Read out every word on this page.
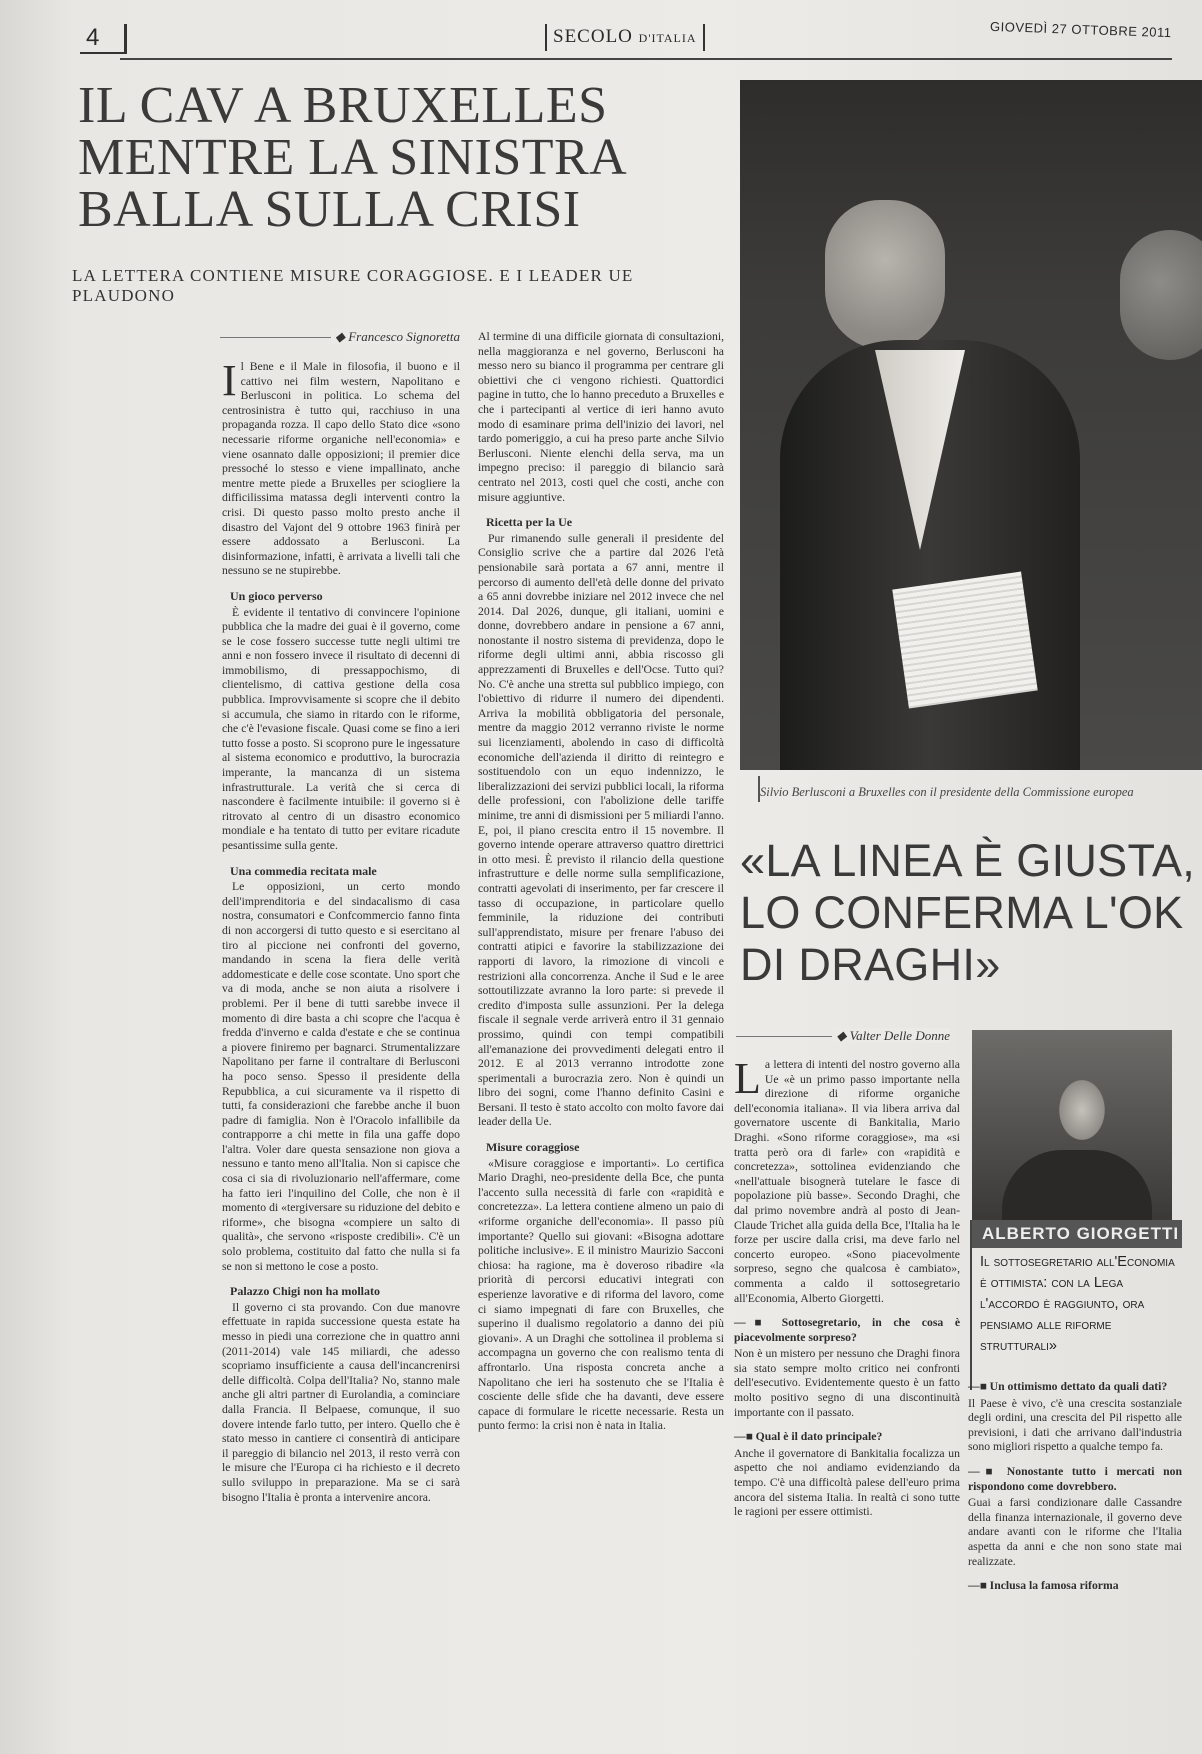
4	SECOLO D'ITALIA	GIOVEDÌ 27 OTTOBRE 2011
IL CAV A BRUXELLES MENTRE LA SINISTRA BALLA SULLA CRISI
LA LETTERA CONTIENE MISURE CORAGGIOSE. E I LEADER UE PLAUDONO
◆ Francesco Signoretta
I l Bene e il Male in filosofia, il buono e il cattivo nei film western, Napolitano e Berlusconi in politica. Lo schema del centrosinistra è tutto qui, racchiuso in una propaganda rozza. Il capo dello Stato dice «sono necessarie riforme organiche nell'economia» e viene osannato dalle opposizioni; il premier dice pressoché lo stesso e viene impallinato, anche mentre mette piede a Bruxelles per sciogliere la difficilissima matassa degli interventi contro la crisi. Di questo passo molto presto anche il disastro del Vajont del 9 ottobre 1963 finirà per essere addossato a Berlusconi. La disinformazione, infatti, è arrivata a livelli tali che nessuno se ne stupirebbe.

Un gioco perverso

È evidente il tentativo di convincere l'opinione pubblica che la madre dei guai è il governo, come se le cose fossero successe tutte negli ultimi tre anni e non fossero invece il risultato di decenni di immobilismo, di pressappochismo, di clientelismo, di cattiva gestione della cosa pubblica. Improvvisamente si scopre che il debito si accumula, che siamo in ritardo con le riforme, che c'è l'evasione fiscale. Quasi come se fino a ieri tutto fosse a posto. Si scoprono pure le ingessature al sistema economico e produttivo, la burocrazia imperante, la mancanza di un sistema infrastrutturale. La verità che si cerca di nascondere è facilmente intuibile: il governo si è ritrovato al centro di un disastro economico mondiale e ha tentato di tutto per evitare ricadute pesantissime sulla gente.

Una commedia recitata male

Le opposizioni, un certo mondo dell'imprenditoria e del sindacalismo di casa nostra, consumatori e Confcommercio fanno finta di non accorgersi di tutto questo e si esercitano al tiro al piccione nei confronti del governo, mandando in scena la fiera delle verità addomesticate e delle cose scontate. Uno sport che va di moda, anche se non aiuta a risolvere i problemi. Per il bene di tutti sarebbe invece il momento di dire basta a chi scopre che l'acqua è fredda d'inverno e calda d'estate e che se continua a piovere finiremo per bagnarci. Strumentalizzare Napolitano per farne il contraltare di Berlusconi ha poco senso. Spesso il presidente della Repubblica, a cui sicuramente va il rispetto di tutti, fa considerazioni che farebbe anche il buon padre di famiglia. Non è l'Oracolo infallibile da contrapporre a chi mette in fila una gaffe dopo l'altra. Voler dare questa sensazione non giova a nessuno e tanto meno all'Italia. Non si capisce che cosa ci sia di rivoluzionario nell'affermare, come ha fatto ieri l'inquilino del Colle, che non è il momento di «tergiversare su riduzione del debito e riforme», che bisogna «compiere un salto di qualità», che servono «risposte credibili». C'è un solo problema, costituito dal fatto che nulla si fa se non si mettono le cose a posto.

Palazzo Chigi non ha mollato

Il governo ci sta provando. Con due manovre effettuate in rapida successione questa estate ha messo in piedi una correzione che in quattro anni (2011-2014) vale 145 miliardi, che adesso scopriamo insufficiente a causa dell'incancrenirsi delle difficoltà. Colpa dell'Italia? No, stanno male anche gli altri partner di Eurolandia, a cominciare dalla Francia. Il Belpaese, comunque, il suo dovere intende farlo tutto, per intero. Quello che è stato messo in cantiere ci consentirà di anticipare il pareggio di bilancio nel 2013, il resto verrà con le misure che l'Europa ci ha richiesto e il decreto sullo sviluppo in preparazione. Ma se ci sarà bisogno l'Italia è pronta a intervenire ancora.

Al termine di una difficile giornata di consultazioni, nella maggioranza e nel governo, Berlusconi ha messo nero su bianco il programma per centrare gli obiettivi che ci vengono richiesti. Quattordici pagine in tutto, che lo hanno preceduto a Bruxelles e che i partecipanti al vertice di ieri hanno avuto modo di esaminare prima dell'inizio dei lavori, nel tardo pomeriggio, a cui ha preso parte anche Silvio Berlusconi. Niente elenchi della serva, ma un impegno preciso: il pareggio di bilancio sarà centrato nel 2013, costi quel che costi, anche con misure aggiuntive.

Ricetta per la Ue

Pur rimanendo sulle generali il presidente del Consiglio scrive che a partire dal 2026 l'età pensionabile sarà portata a 67 anni, mentre il percorso di aumento dell'età delle donne del privato a 65 anni dovrebbe iniziare nel 2012 invece che nel 2014. Dal 2026, dunque, gli italiani, uomini e donne, dovrebbero andare in pensione a 67 anni, nonostante il nostro sistema di previdenza, dopo le riforme degli ultimi anni, abbia riscosso gli apprezzamenti di Bruxelles e dell'Ocse. Tutto qui? No. C'è anche una stretta sul pubblico impiego, con l'obiettivo di ridurre il numero dei dipendenti. Arriva la mobilità obbligatoria del personale, mentre da maggio 2012 verranno riviste le norme sui licenziamenti, abolendo in caso di difficoltà economiche dell'azienda il diritto di reintegro e sostituendolo con un equo indennizzo, le liberalizzazioni dei servizi pubblici locali, la riforma delle professioni, con l'abolizione delle tariffe minime, tre anni di dismissioni per 5 miliardi l'anno. E, poi, il piano crescita entro il 15 novembre. Il governo intende operare attraverso quattro direttrici in otto mesi. È previsto il rilancio della questione infrastrutture e delle norme sulla semplificazione, contratti agevolati di inserimento, per far crescere il tasso di occupazione, in particolare quello femminile, la riduzione dei contributi sull'apprendistato, misure per frenare l'abuso dei contratti atipici e favorire la stabilizzazione dei rapporti di lavoro, la rimozione di vincoli e restrizioni alla concorrenza. Anche il Sud e le aree sottoutilizzate avranno la loro parte: si prevede il credito d'imposta sulle assunzioni. Per la delega fiscale il segnale verde arriverà entro il 31 gennaio prossimo, quindi con tempi compatibili all'emanazione dei provvedimenti delegati entro il 2012. E al 2013 verranno introdotte zone sperimentali a burocrazia zero. Non è quindi un libro dei sogni, come l'hanno definito Casini e Bersani. Il testo è stato accolto con molto favore dai leader della Ue.

Misure coraggiose

«Misure coraggiose e importanti». Lo certifica Mario Draghi, neo-presidente della Bce, che punta l'accento sulla necessità di farle con «rapidità e concretezza». La lettera contiene almeno un paio di «riforme organiche dell'economia». Il passo più importante? Quello sui giovani: «Bisogna adottare politiche inclusive». E il ministro Maurizio Sacconi chiosa: ha ragione, ma è doveroso ribadire «la priorità di percorsi educativi integrati con esperienze lavorative e di riforma del lavoro, come ci siamo impegnati di fare con Bruxelles, che superino il dualismo regolatorio a danno dei più giovani». A un Draghi che sottolinea il problema si accompagna un governo che con realismo tenta di affrontarlo. Una risposta concreta anche a Napolitano che ieri ha sostenuto che se l'Italia è cosciente delle sfide che ha davanti, deve essere capace di formulare le ricette necessarie. Resta un punto fermo: la crisi non è nata in Italia.

Silvio Berlusconi a Bruxelles con il presidente della Commissione europea
«LA LINEA È GIUSTA, LO CONFERMA L'OK DI DRAGHI»
◆ Valter Delle Donne
L a lettera di intenti del nostro governo alla Ue «è un primo passo importante nella direzione di riforme organiche dell'economia italiana». Il via libera arriva dal governatore uscente di Bankitalia, Mario Draghi. «Sono riforme coraggiose», ma «si tratta però ora di farle» con «rapidità e concretezza», sottolinea evidenziando che «nell'attuale bisognerà tutelare le fasce di popolazione più basse». Secondo Draghi, che dal primo novembre andrà al posto di Jean-Claude Trichet alla guida della Bce, l'Italia ha le forze per uscire dalla crisi, ma deve farlo nel concerto europeo. «Sono piacevolmente sorpreso, segno che qualcosa è cambiato», commenta a caldo il sottosegretario all'Economia, Alberto Giorgetti.

—■ Sottosegretario, in che cosa è piacevolmente sorpreso?

Non è un mistero per nessuno che Draghi finora sia stato sempre molto critico nei confronti dell'esecutivo. Evidentemente questo è un fatto molto positivo segno di una discontinuità importante con il passato.

—■ Qual è il dato principale?

Anche il governatore di Bankitalia focalizza un aspetto che noi andiamo evidenziando da tempo. C'è una difficoltà palese dell'euro prima ancora del sistema Italia. In realtà ci sono tutte le ragioni per essere ottimisti.

ALBERTO GIORGETTI
Il sottosegretario all'Economia è ottimista: con la Lega l'accordo è raggiunto, ora pensiamo alle riforme strutturali»
—■ Un ottimismo dettato da quali dati?

Il Paese è vivo, c'è una crescita sostanziale degli ordini, una crescita del Pil rispetto alle previsioni, i dati che arrivano dall'industria sono migliori rispetto a qualche tempo fa.

—■ Nonostante tutto i mercati non rispondono come dovrebbero.

Guai a farsi condizionare dalle Cassandre della finanza internazionale, il governo deve andare avanti con le riforme che l'Italia aspetta da anni e che non sono state mai realizzate.

—■ Inclusa la famosa riforma
